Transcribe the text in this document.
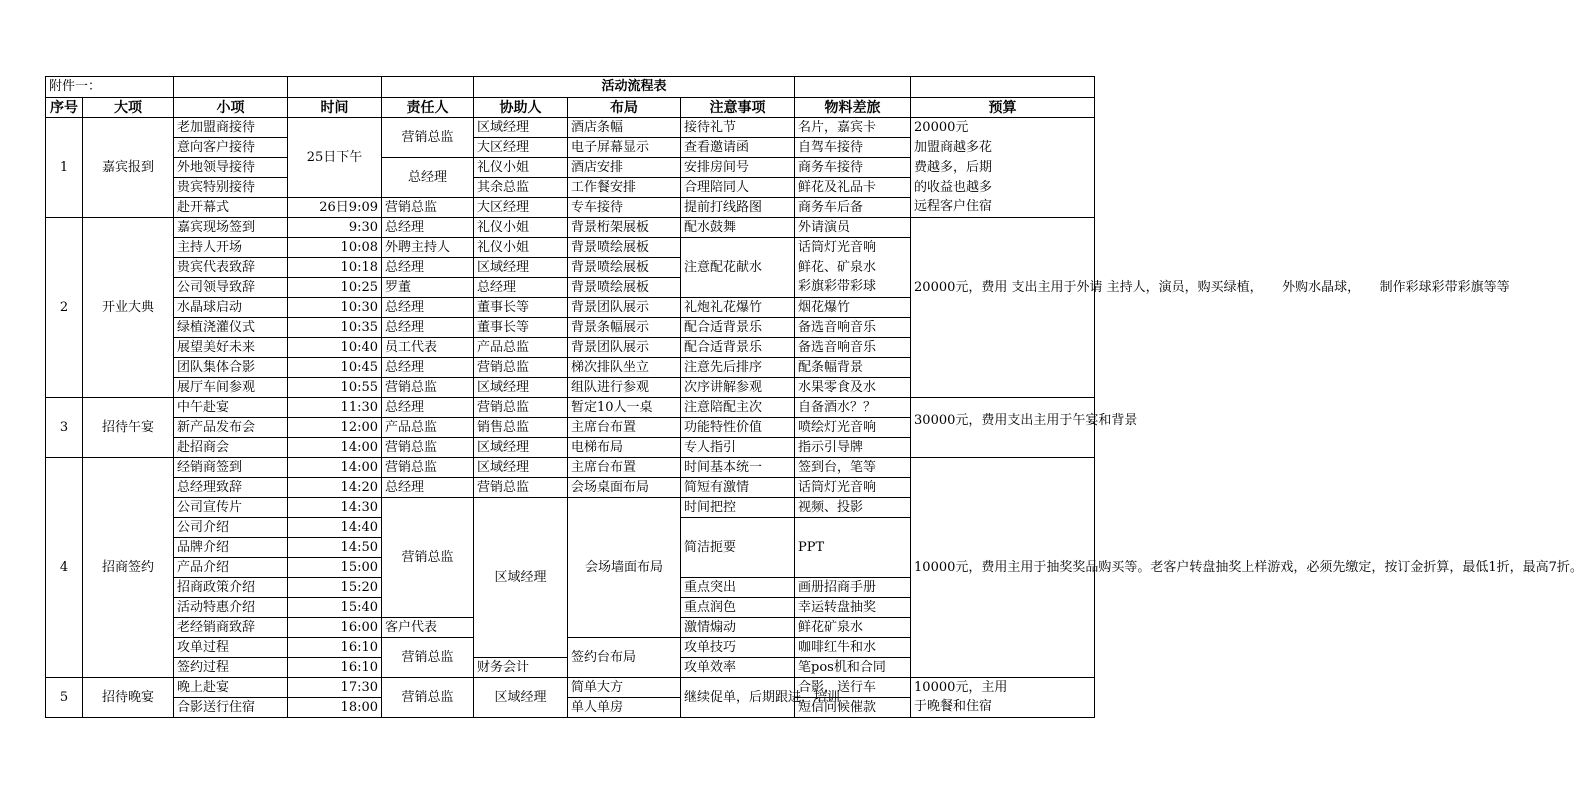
附件一：					活动流程表				
序号	大项	小项	时间	责任人	协助人	布局	注意事项	物料差旅	预算
1	嘉宾报到	老加盟商接待	25日下午	营销总监	区域经理	酒店条幅	接待礼节	名片，嘉宾卡	20000元
		意向客户接待			大区经理	电子屏幕显示	查看邀请函	自驾车接待	加盟商越多花
		外地领导接待		总经理	礼仪小姐	酒店安排	安排房间号	商务车接待	费越多，后期
		贵宾特别接待			其余总监	工作餐安排	合理陪同人	鲜花及礼品卡	的收益也越多
		赴开幕式	26日9:09	营销总监	大区经理	专车接待	提前打线路图	商务车后备	远程客户住宿
2	开业大典	嘉宾现场签到	9:30	总经理	礼仪小姐	背景桁架展板	配水鼓舞	外请演员	20000元，费用 支出主用于外请 主持人，演员，购买绿植，　　外购水晶球，　　制作彩球彩带彩旗等等
		主持人开场	10:08	外聘主持人	礼仪小姐	背景喷绘展板	注意配花献水	话筒灯光音响	
		贵宾代表致辞	10:18	总经理	区域经理	背景喷绘展板		鲜花、矿泉水	
		公司领导致辞	10:25	罗董	总经理	背景喷绘展板		彩旗彩带彩球	
		水晶球启动	10:30	总经理	董事长等	背景团队展示	礼炮礼花爆竹	烟花爆竹	
		绿植浇灌仪式	10:35	总经理	董事长等	背景条幅展示	配合适背景乐	备选音响音乐	
		展望美好未来	10:40	员工代表	产品总监	背景团队展示	配合适背景乐	备选音响音乐	
		团队集体合影	10:45	总经理	营销总监	梯次排队坐立	注意先后排序	配条幅背景	
		展厅车间参观	10:55	营销总监	区域经理	组队进行参观	次序讲解参观	水果零食及水	
3	招待午宴	中午赴宴	11:30	总经理	营销总监	暂定10人一桌	注意陪配主次	自备酒水？？	30000元，费用支出主用于午宴和背景
		新产品发布会	12:00	产品总监	销售总监	主席台布置	功能特性价值	喷绘灯光音响	
		赴招商会	14:00	营销总监	区域经理	电梯布局	专人指引	指示引导牌	
4	招商签约	经销商签到	14:00	营销总监	区域经理	主席台布置	时间基本统一	签到台，笔等	10000元，费用主用于抽奖奖品购买等。老客户转盘抽奖上样游戏，必须先缴定，按订金折算，最低1折，最高7折。
		总经理致辞	14:20	总经理	营销总监	会场桌面布局	简短有激情	话筒灯光音响	
		公司宣传片	14:30	营销总监	区域经理	会场墙面布局	时间把控	视频、投影	
		公司介绍	14:40				简洁扼要	PPT	
		品牌介绍	14:50						
		产品介绍	15:00						
		招商政策介绍	15:20				重点突出	画册招商手册	
		活动特惠介绍	15:40				重点润色	幸运转盘抽奖	
		老经销商致辞	16:00	客户代表			激情煽动	鲜花矿泉水	
		攻单过程	16:10	营销总监		签约台布局	攻单技巧	咖啡红牛和水	
		签约过程	16:10		财务会计		攻单效率	笔pos机和合同	
5	招待晚宴	晚上赴宴	17:30	营销总监	区域经理	简单大方	继续促单，后期跟进，培训	合影，送行车	10000元，主用
		合影送行住宿	18:00			单人单房		短信问候催款	于晚餐和住宿
